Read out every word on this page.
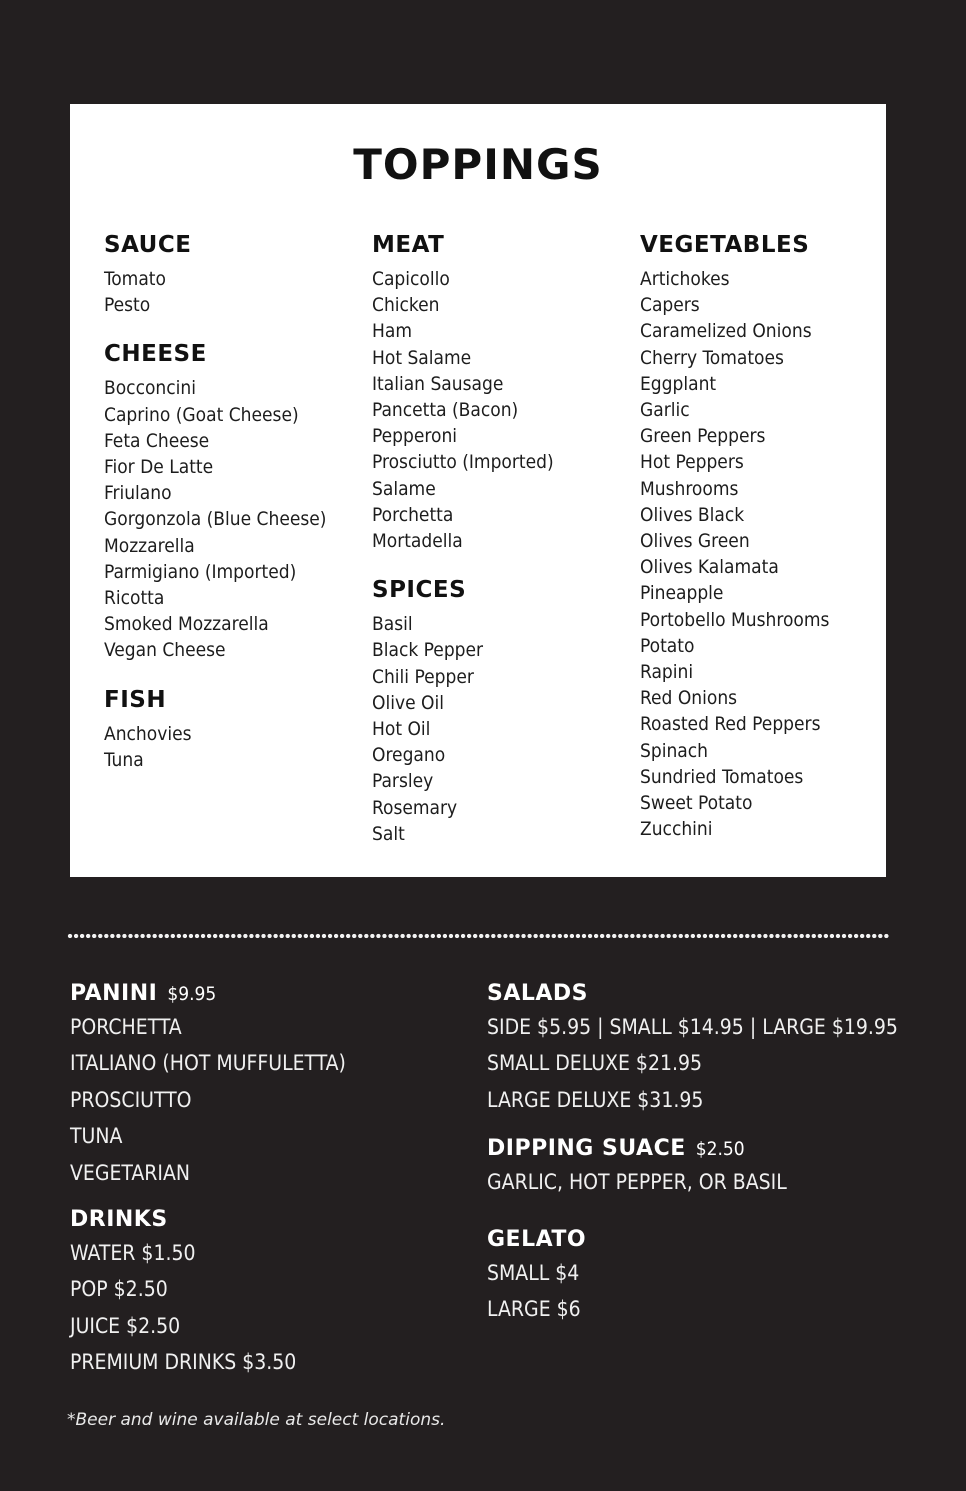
TOPPINGS
SAUCE
Tomato
Pesto
CHEESE
Bocconcini
Caprino (Goat Cheese)
Feta Cheese
Fior De Latte
Friulano
Gorgonzola (Blue Cheese)
Mozzarella
Parmigiano (Imported)
Ricotta
Smoked Mozzarella
Vegan Cheese
FISH
Anchovies
Tuna
MEAT
Capicollo
Chicken
Ham
Hot Salame
Italian Sausage
Pancetta (Bacon)
Pepperoni
Prosciutto (Imported)
Salame
Porchetta
Mortadella
SPICES
Basil
Black Pepper
Chili Pepper
Olive Oil
Hot Oil
Oregano
Parsley
Rosemary
Salt
VEGETABLES
Artichokes
Capers
Caramelized Onions
Cherry Tomatoes
Eggplant
Garlic
Green Peppers
Hot Peppers
Mushrooms
Olives Black
Olives Green
Olives Kalamata
Pineapple
Portobello Mushrooms
Potato
Rapini
Red Onions
Roasted Red Peppers
Spinach
Sundried Tomatoes
Sweet Potato
Zucchini
PANINI $9.95
PORCHETTA
ITALIANO (HOT MUFFULETTA)
PROSCIUTTO
TUNA
VEGETARIAN
DRINKS
WATER $1.50
POP $2.50
JUICE $2.50
PREMIUM DRINKS $3.50
SALADS
SIDE $5.95 | SMALL $14.95 | LARGE $19.95
SMALL DELUXE $21.95
LARGE DELUXE $31.95
DIPPING SUACE $2.50
GARLIC, HOT PEPPER, OR BASIL
GELATO
SMALL $4
LARGE $6
*Beer and wine available at select locations.
